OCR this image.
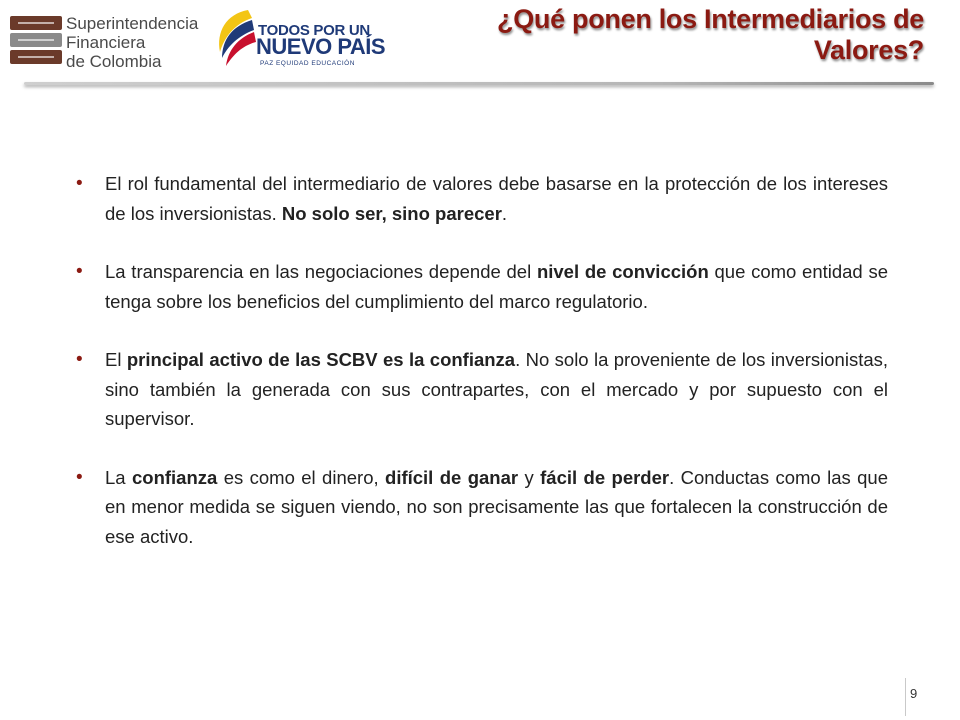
Superintendencia
Financiera
de Colombia
TODOS POR UN
NUEVO PAÍS
PAZ EQUIDAD EDUCACIÓN
¿Qué ponen los Intermediarios de Valores?
• El rol fundamental del intermediario de valores debe basarse en la protección de los intereses de los inversionistas. No solo ser, sino parecer.
• La transparencia en las negociaciones depende del nivel de convicción que como entidad se tenga sobre los beneficios del cumplimiento del marco regulatorio.
• El principal activo de las SCBV es la confianza. No solo la proveniente de los inversionistas, sino también la generada con sus contrapartes, con el mercado y por supuesto con el supervisor.
• La confianza es como el dinero, difícil de ganar y fácil de perder. Conductas como las que en menor medida se siguen viendo, no son precisamente las que fortalecen la construcción de ese activo.
9
